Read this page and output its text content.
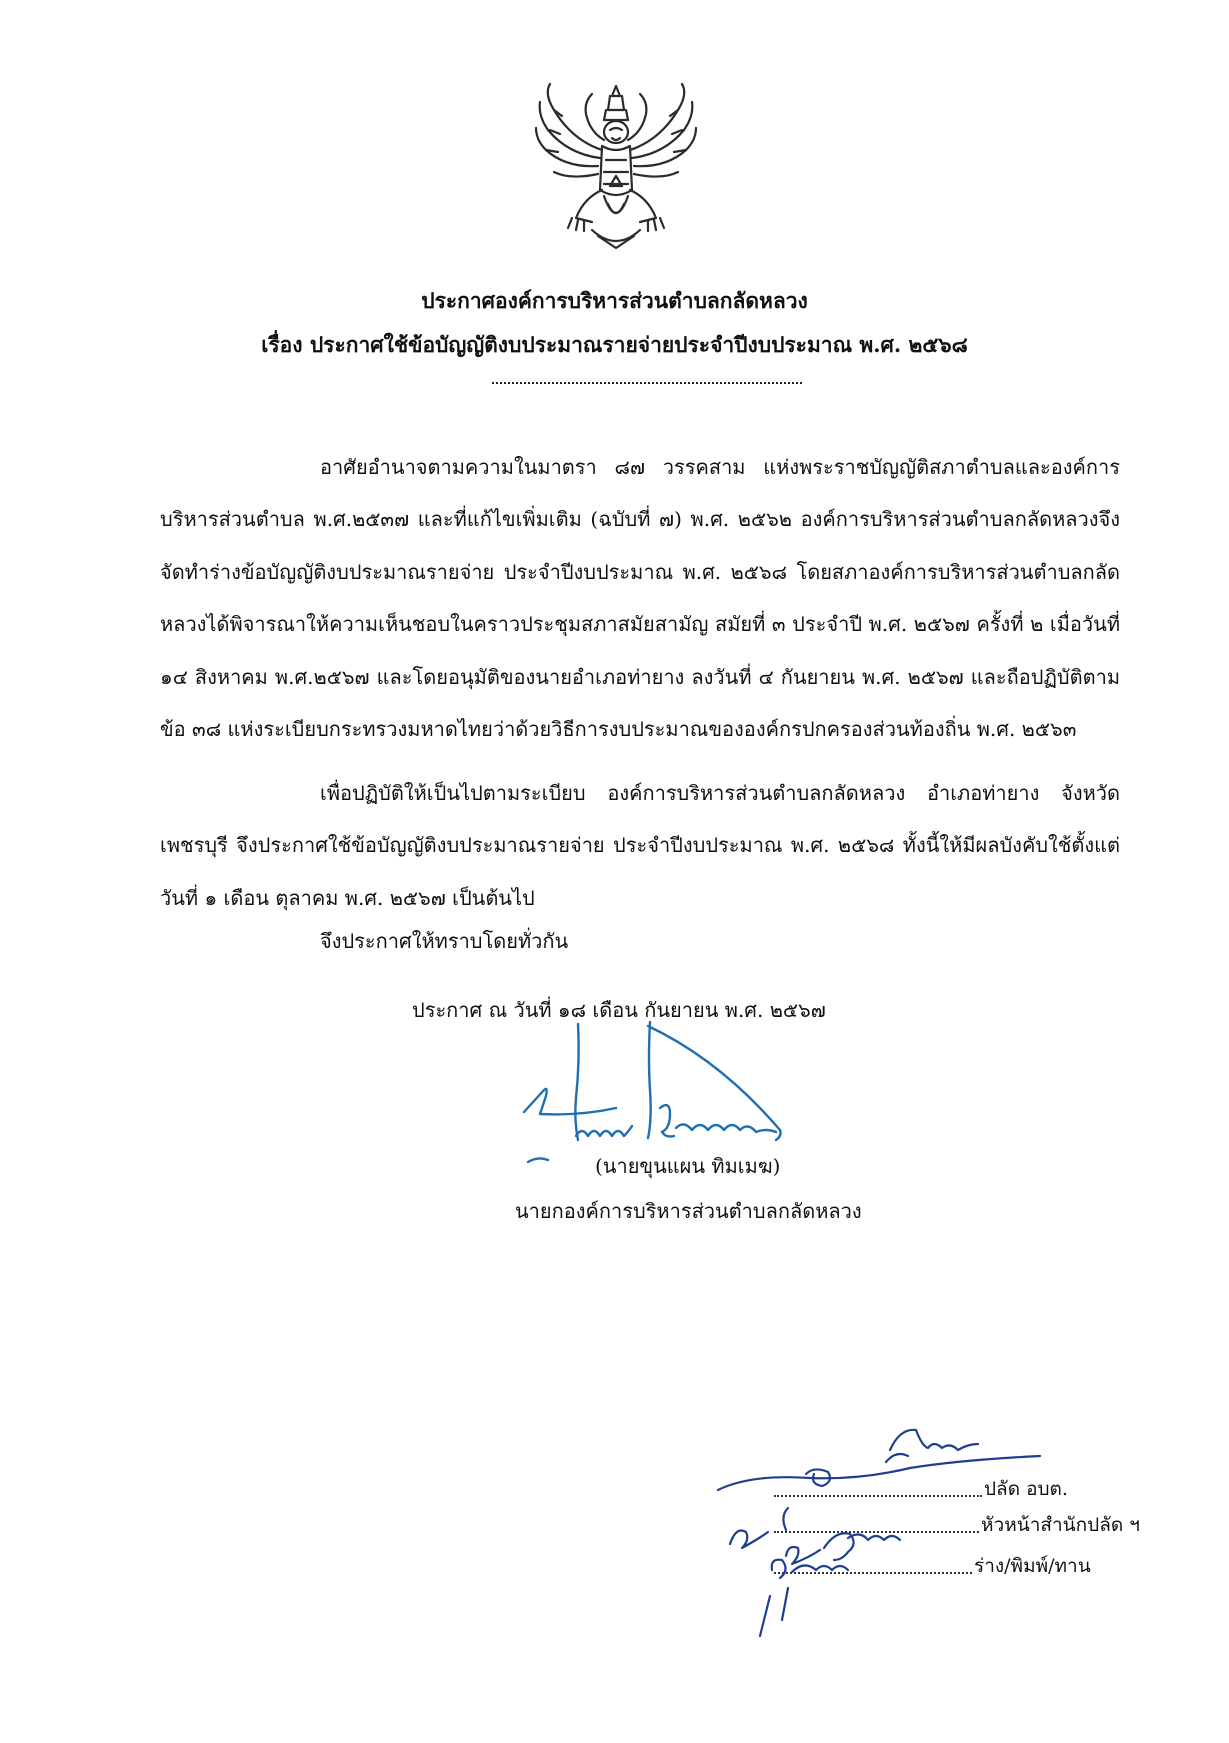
ประกาศองค์การบริหารส่วนตำบลกลัดหลวง
เรื่อง ประกาศใช้ข้อบัญญัติงบประมาณรายจ่ายประจำปีงบประมาณ พ.ศ. ๒๕๖๘
อาศัยอำนาจตามความในมาตรา ๘๗ วรรคสาม แห่งพระราชบัญญัติสภาตำบลและองค์การบริหารส่วนตำบล พ.ศ.๒๕๓๗ และที่แก้ไขเพิ่มเติม (ฉบับที่ ๗) พ.ศ. ๒๕๖๒ องค์การบริหารส่วนตำบลกลัดหลวงจึงจัดทำร่างข้อบัญญัติงบประมาณรายจ่าย ประจำปีงบประมาณ พ.ศ. ๒๕๖๘ โดยสภาองค์การบริหารส่วนตำบลกลัดหลวงได้พิจารณาให้ความเห็นชอบในคราวประชุมสภาสมัยสามัญ สมัยที่ ๓ ประจำปี พ.ศ. ๒๕๖๗ ครั้งที่ ๒ เมื่อวันที่ ๑๔ สิงหาคม พ.ศ.๒๕๖๗ และโดยอนุมัติของนายอำเภอท่ายาง ลงวันที่ ๔ กันยายน พ.ศ. ๒๕๖๗ และถือปฏิบัติตามข้อ ๓๘ แห่งระเบียบกระทรวงมหาดไทยว่าด้วยวิธีการงบประมาณขององค์กรปกครองส่วนท้องถิ่น พ.ศ. ๒๕๖๓
เพื่อปฏิบัติให้เป็นไปตามระเบียบ องค์การบริหารส่วนตำบลกลัดหลวง อำเภอท่ายาง จังหวัดเพชรบุรี จึงประกาศใช้ข้อบัญญัติงบประมาณรายจ่าย ประจำปีงบประมาณ พ.ศ. ๒๕๖๘ ทั้งนี้ให้มีผลบังคับใช้ตั้งแต่วันที่ ๑ เดือน ตุลาคม พ.ศ. ๒๕๖๗ เป็นต้นไป
จึงประกาศให้ทราบโดยทั่วกัน
ประกาศ ณ วันที่ ๑๘ เดือน กันยายน พ.ศ. ๒๕๖๗
(นายขุนแผน ทิมเมฆ)
นายกองค์การบริหารส่วนตำบลกลัดหลวง
ปลัด อบต.
หัวหน้าสำนักปลัด ฯ
ร่าง/พิมพ์/ทาน
